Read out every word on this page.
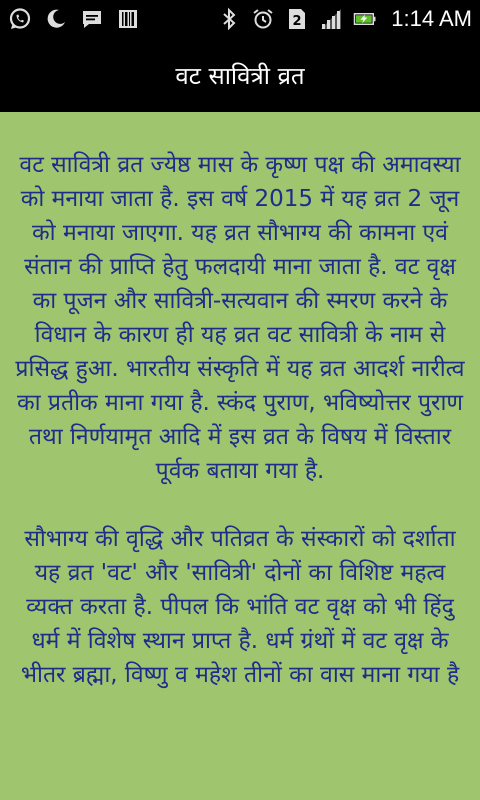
2	1:14 AM
वट सावित्री व्रत

वट सावित्री व्रत ज्येष्ठ मास के कृष्ण पक्ष की अमावस्या को मनाया जाता है. इस वर्ष 2015 में यह व्रत 2 जून को मनाया जाएगा. यह व्रत सौभाग्य की कामना एवं संतान की प्राप्ति हेतु फलदायी माना जाता है. वट वृक्ष का पूजन और सावित्री-सत्यवान की स्मरण करने के विधान के कारण ही यह व्रत वट सावित्री के नाम से प्रसिद्ध हुआ. भारतीय संस्कृति में यह व्रत आदर्श नारीत्व का प्रतीक माना गया है. स्कंद पुराण, भविष्योत्तर पुराण तथा निर्णयामृत आदि में इस व्रत के विषय में विस्तार पूर्वक बताया गया है.

सौभाग्य की वृद्धि और पतिव्रत के संस्कारों को दर्शाता यह व्रत 'वट' और 'सावित्री' दोनों का विशिष्ट महत्व व्यक्त करता है. पीपल कि भांति वट वृक्ष को भी हिंदु धर्म में विशेष स्थान प्राप्त है. धर्म ग्रंथों में वट वृक्ष के भीतर ब्रह्मा, विष्णु व महेश तीनों का वास माना गया है
